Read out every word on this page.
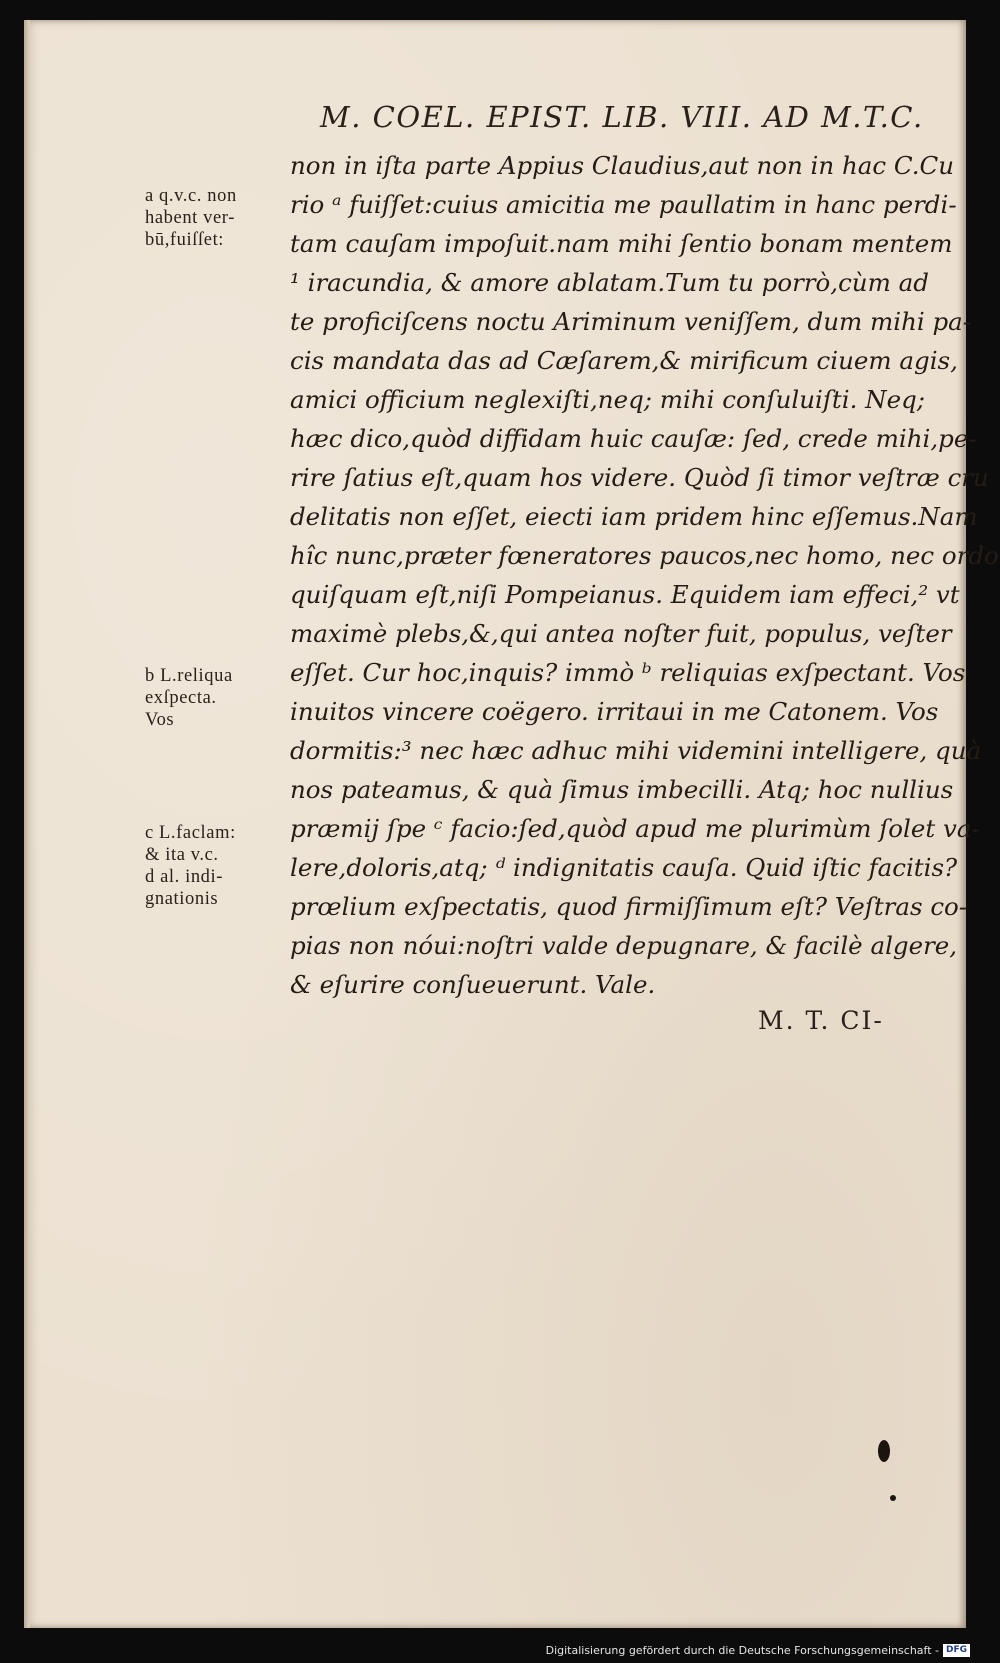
M. COEL. EPIST. LIB. VIII. AD M.T.C.
a q.v.c. non
habent ver-
bū,fuiſſet:
b L.reliqua
exſpecta.
Vos
c L.faclam:
& ita v.c.
d al. indi-
gnationis
non in iſta parte Appius Claudius,aut non in hac C.Cu
rio ᵃ fuiſſet:cuius amicitia me paullatim in hanc perdi-
tam cauſam impoſuit.nam mihi ſentio bonam mentem
¹ iracundia, & amore ablatam.Tum tu porrò,cùm ad
te proficiſcens noctu Ariminum veniſſem, dum mihi pa-
cis mandata das ad Cæſarem,& mirificum ciuem agis,
amici officium neglexiſti,neq; mihi conſuluiſti. Neq;
hæc dico,quòd diffidam huic cauſæ: ſed, crede mihi,pe-
rire ſatius eſt,quam hos videre. Quòd ſi timor veſtræ cru
delitatis non eſſet, eiecti iam pridem hinc eſſemus.Nam
hîc nunc,præter fœneratores paucos,nec homo, nec ordo
quiſquam eſt,niſi Pompeianus. Equidem iam effeci,² vt
maximè plebs,&,qui antea noſter fuit, populus, veſter
eſſet. Cur hoc,inquis? immò ᵇ reliquias exſpectant. Vos
inuitos vincere coëgero. irritaui in me Catonem. Vos
dormitis:³ nec hæc adhuc mihi videmini intelligere, quà
nos pateamus, & quà ſimus imbecilli. Atq; hoc nullius
præmij ſpe ᶜ facio:ſed,quòd apud me plurimùm ſolet va-
lere,doloris,atq; ᵈ indignitatis cauſa. Quid iſtic facitis?
prœlium exſpectatis, quod firmiſſimum eſt? Veſtras co-
pias non nóui:noſtri valde depugnare, & facilè algere,
& eſurire conſueuerunt. Vale.
M. T. CI-
Digitalisierung gefördert durch die Deutsche Forschungsgemeinschaft - DFG
